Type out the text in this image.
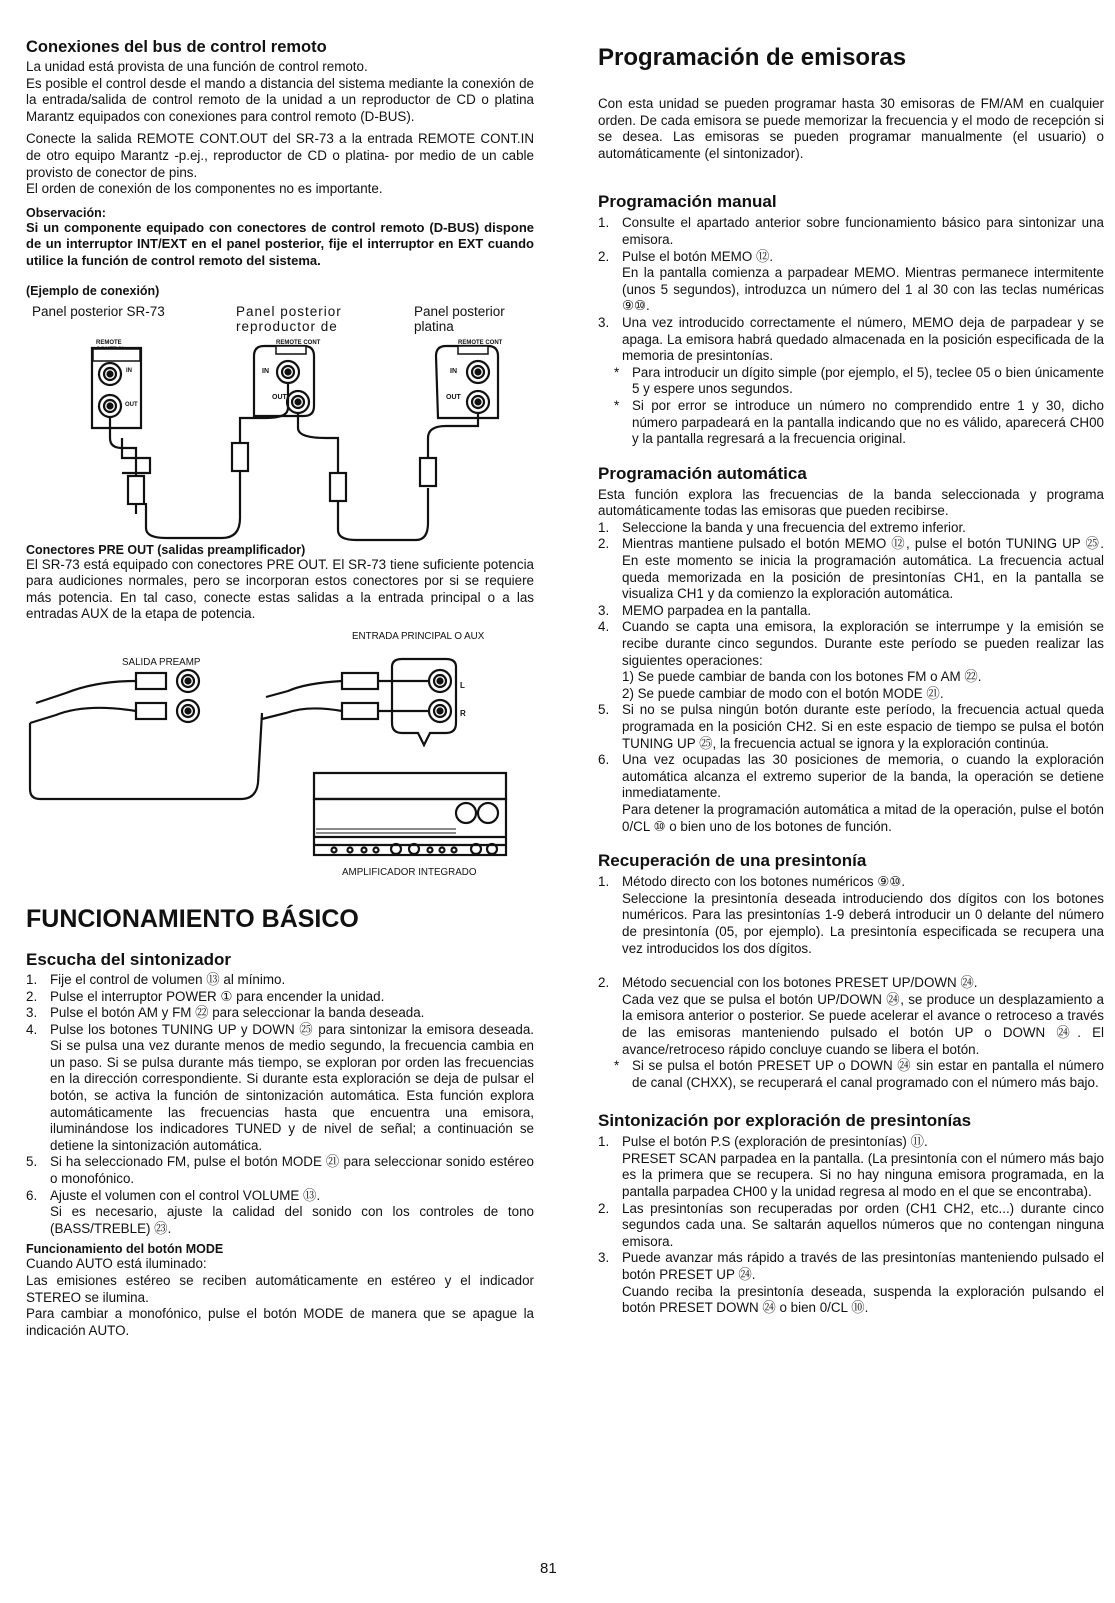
Conexiones del bus de control remoto

La unidad está provista de una función de control remoto.

Es posible el control desde el mando a distancia del sistema mediante la conexión de la entrada/salida de control remoto de la unidad a un reproductor de CD o platina Marantz equipados con conexiones para control remoto (D-BUS).

Conecte la salida REMOTE CONT.OUT del SR-73 a la entrada REMOTE CONT.IN de otro equipo Marantz -p.ej., reproductor de CD o platina- por medio de un cable provisto de conector de pins.

El orden de conexión de los componentes no es importante.

Observación:

Si un componente equipado con conectores de control remoto (D-BUS) dispone de un interruptor INT/EXT en el panel posterior, fije el interruptor en EXT cuando utilice la función de control remoto del sistema.

(Ejemplo de conexión)
Panel posterior SR-73	Panel posterior reproductor de
Panel posterior platina
REMOTE	REMOTE CONT	REMOTE CONT
IN
OUT
IN
OUT
IN
OUT
Conectores PRE OUT (salidas preamplificador)

El SR-73 está equipado con conectores PRE OUT. El SR-73 tiene suficiente potencia para audiciones normales, pero se incorporan estos conectores por si se requiere más potencia. En tal caso, conecte estas salidas a la entrada principal o a las entradas AUX de la etapa de potencia.

ENTRADA PRINCIPAL O AUX
SALIDA PREAMP
AMPLIFICADOR INTEGRADO
L
R
FUNCIONAMIENTO BÁSICO
Escucha del sintonizador
1. Fije el control de volumen ⑬ al mínimo.
2. Pulse el interruptor POWER ① para encender la unidad.
3. Pulse el botón AM y FM ㉒ para seleccionar la banda deseada.
4. Pulse los botones TUNING UP y DOWN ㉕ para sintonizar la emisora deseada. Si se pulsa una vez durante menos de medio segundo, la frecuencia cambia en un paso. Si se pulsa durante más tiempo, se exploran por orden las frecuencias en la dirección correspondiente. Si durante esta exploración se deja de pulsar el botón, se activa la función de sintonización automática. Esta función explora automáticamente las frecuencias hasta que encuentra una emisora, iluminándose los indicadores TUNED y de nivel de señal; a continuación se detiene la sintonización automática.
5. Si ha seleccionado FM, pulse el botón MODE ㉑ para seleccionar sonido estéreo o monofónico.
6. Ajuste el volumen con el control VOLUME ⑬.

Si es necesario, ajuste la calidad del sonido con los controles de tono (BASS/TREBLE) ㉓.

Funcionamiento del botón MODE

Cuando AUTO está iluminado:

Las emisiones estéreo se reciben automáticamente en estéreo y el indicador STEREO se ilumina.

Para cambiar a monofónico, pulse el botón MODE de manera que se apague la indicación AUTO.

Programación de emisoras

Con esta unidad se pueden programar hasta 30 emisoras de FM/AM en cualquier orden. De cada emisora se puede memorizar la frecuencia y el modo de recepción si se desea. Las emisoras se pueden programar manualmente (el usuario) o automáticamente (el sintonizador).

Programación manual
1. Consulte el apartado anterior sobre funcionamiento básico para sintonizar una emisora.
2. Pulse el botón MEMO ⑫.

En la pantalla comienza a parpadear MEMO. Mientras permanece intermitente (unos 5 segundos), introduzca un número del 1 al 30 con las teclas numéricas ⑨⑩.

3. Una vez introducido correctamente el número, MEMO deja de parpadear y se apaga. La emisora habrá quedado almacenada en la posición especificada de la memoria de presintonías.

* Para introducir un dígito simple (por ejemplo, el 5), teclee 05 o bien únicamente 5 y espere unos segundos.

* Si por error se introduce un número no comprendido entre 1 y 30, dicho número parpadeará en la pantalla indicando que no es válido, aparecerá CH00 y la pantalla regresará a la frecuencia original.

Programación automática

Esta función explora las frecuencias de la banda seleccionada y programa automáticamente todas las emisoras que pueden recibirse.

1. Seleccione la banda y una frecuencia del extremo inferior.
2. Mientras mantiene pulsado el botón MEMO ⑫, pulse el botón TUNING UP ㉕. En este momento se inicia la programación automática. La frecuencia actual queda memorizada en la posición de presintonías CH1, en la pantalla se visualiza CH1 y da comienzo la exploración automática.
3. MEMO parpadea en la pantalla.
4. Cuando se capta una emisora, la exploración se interrumpe y la emisión se recibe durante cinco segundos. Durante este período se pueden realizar las siguientes operaciones:

1) Se puede cambiar de banda con los botones FM o AM ㉒.

2) Se puede cambiar de modo con el botón MODE ㉑.

5. Si no se pulsa ningún botón durante este período, la frecuencia actual queda programada en la posición CH2. Si en este espacio de tiempo se pulsa el botón TUNING UP ㉕, la frecuencia actual se ignora y la exploración continúa.
6. Una vez ocupadas las 30 posiciones de memoria, o cuando la exploración automática alcanza el extremo superior de la banda, la operación se detiene inmediatamente.

Para detener la programación automática a mitad de la operación, pulse el botón 0/CL ⑩ o bien uno de los botones de función.

Recuperación de una presintonía
1. Método directo con los botones numéricos ⑨⑩.

Seleccione la presintonía deseada introduciendo dos dígitos con los botones numéricos. Para las presintonías 1-9 deberá introducir un 0 delante del número de presintonía (05, por ejemplo). La presintonía especificada se recupera una vez introducidos los dos dígitos.

2. Método secuencial con los botones PRESET UP/DOWN ㉔.

Cada vez que se pulsa el botón UP/DOWN ㉔, se produce un desplazamiento a la emisora anterior o posterior. Se puede acelerar el avance o retroceso a través de las emisoras manteniendo pulsado el botón UP o DOWN ㉔. El avance/retroceso rápido concluye cuando se libera el botón.

* Si se pulsa el botón PRESET UP o DOWN ㉔ sin estar en pantalla el número de canal (CHXX), se recuperará el canal programado con el número más bajo.

Sintonización por exploración de presintonías
1. Pulse el botón P.S (exploración de presintonías) ⑪.

PRESET SCAN parpadea en la pantalla. (La presintonía con el número más bajo es la primera que se recupera. Si no hay ninguna emisora programada, en la pantalla parpadea CH00 y la unidad regresa al modo en el que se encontraba).

2. Las presintonías son recuperadas por orden (CH1 CH2, etc...) durante cinco segundos cada una. Se saltarán aquellos números que no contengan ninguna emisora.
3. Puede avanzar más rápido a través de las presintonías manteniendo pulsado el botón PRESET UP ㉔.

Cuando reciba la presintonía deseada, suspenda la exploración pulsando el botón PRESET DOWN ㉔ o bien 0/CL ⑩.

81
